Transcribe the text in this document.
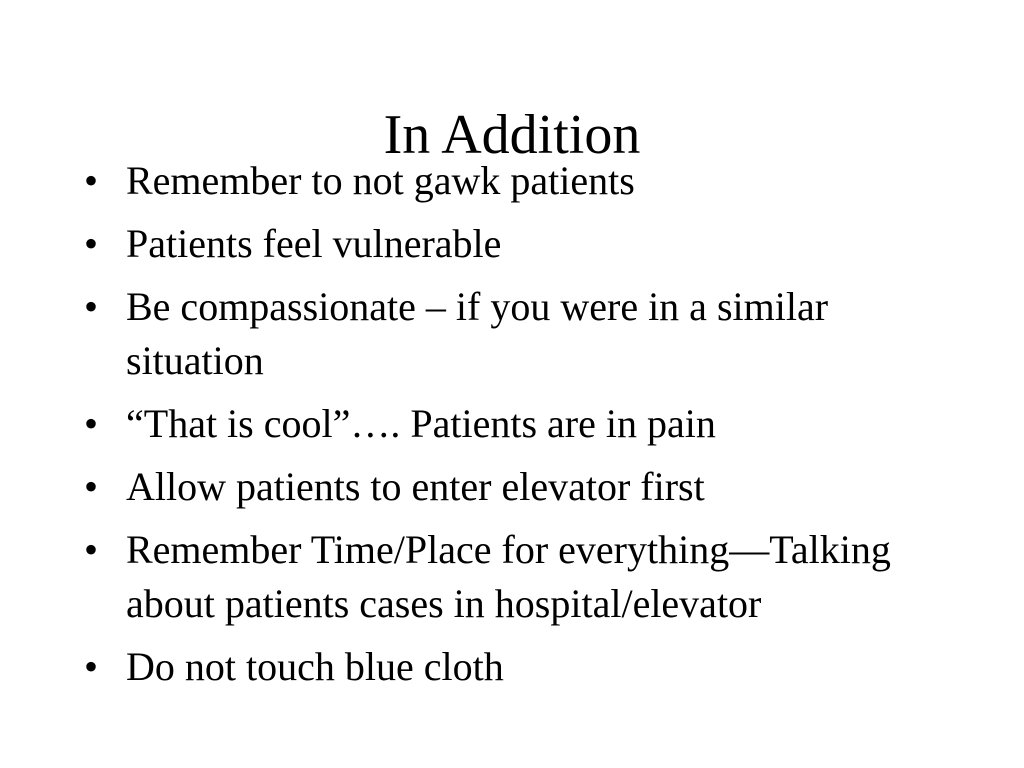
In Addition
• Remember to not gawk patients
• Patients feel vulnerable
• Be compassionate – if you were in a similar situation
• “That is cool”…. Patients are in pain
• Allow patients to enter elevator first
• Remember Time/Place for everything—Talking about patients cases in hospital/elevator
• Do not touch blue cloth
